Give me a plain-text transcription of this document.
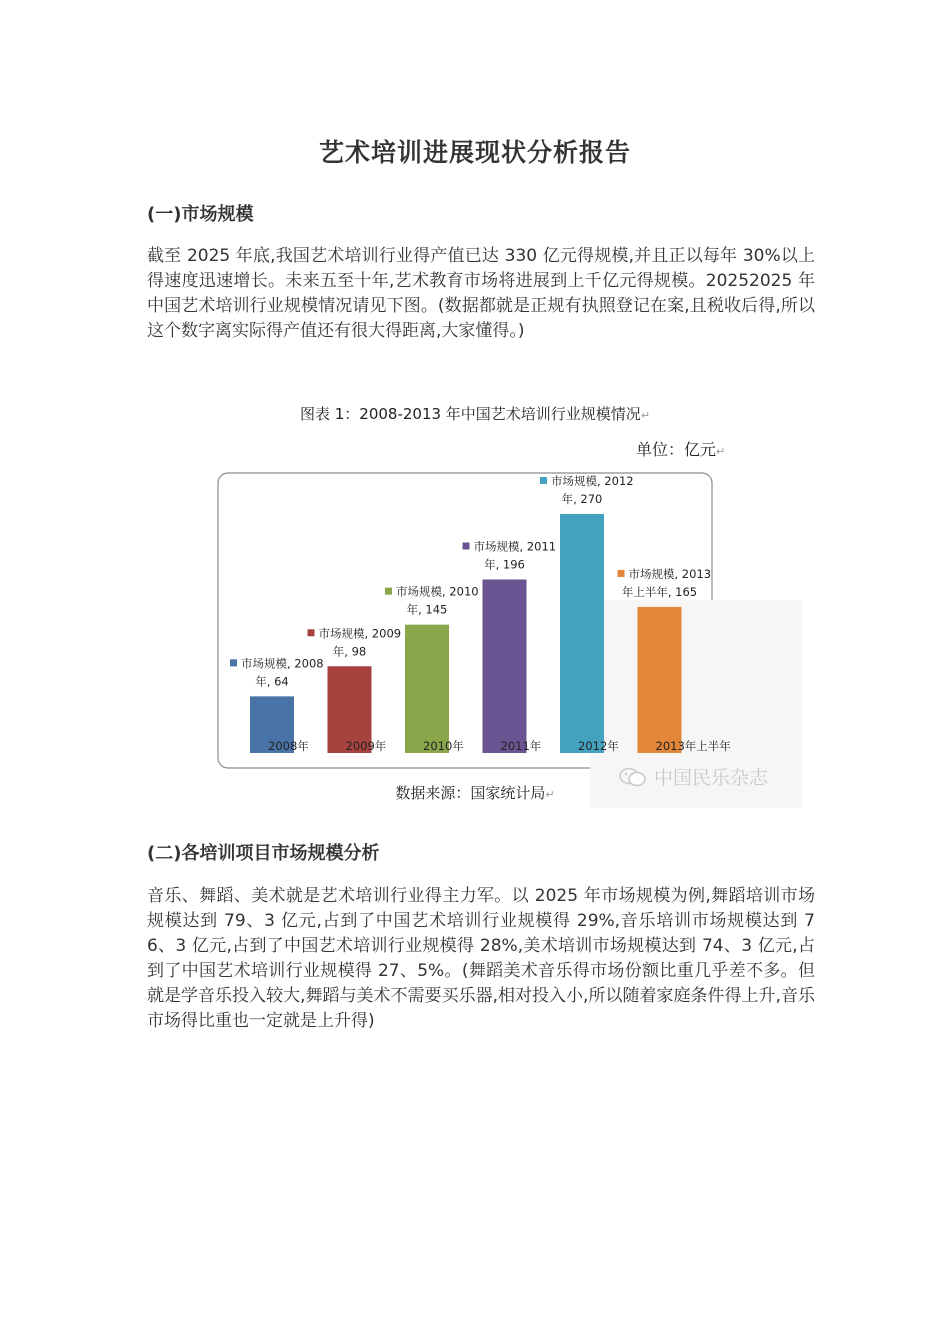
艺术培训进展现状分析报告
(一)市场规模

截至 2025 年底,我国艺术培训行业得产值已达 330 亿元得规模,并且正以每年 30%以上得速度迅速增长。未来五至十年,艺术教育市场将进展到上千亿元得规模。20252025 年中国艺术培训行业规模情况请见下图。(数据都就是正规有执照登记在案,且税收后得,所以这个数字离实际得产值还有很大得距离,大家懂得。)

图表 1：2008-2013 年中国艺术培训行业规模情况↵
单位：亿元↵
市场规模, 2008
年, 64
市场规模, 2009
年, 98
市场规模, 2010
年, 145
市场规模, 2011
年, 196
市场规模, 2012
年, 270
市场规模, 2013
年上半年, 165
2008年	2009年	2010年	2011年	2012年	2013年上半年
中国民乐杂志
数据来源：国家统计局↵
(二)各培训项目市场规模分析

音乐、舞蹈、美术就是艺术培训行业得主力军。以 2025 年市场规模为例,舞蹈培训市场规模达到 79、3 亿元,占到了中国艺术培训行业规模得 29%,音乐培训市场规模达到 76、3 亿元,占到了中国艺术培训行业规模得 28%,美术培训市场规模达到 74、3 亿元,占到了中国艺术培训行业规模得 27、5%。(舞蹈美术音乐得市场份额比重几乎差不多。但就是学音乐投入较大,舞蹈与美术不需要买乐器,相对投入小,所以随着家庭条件得上升,音乐市场得比重也一定就是上升得)
